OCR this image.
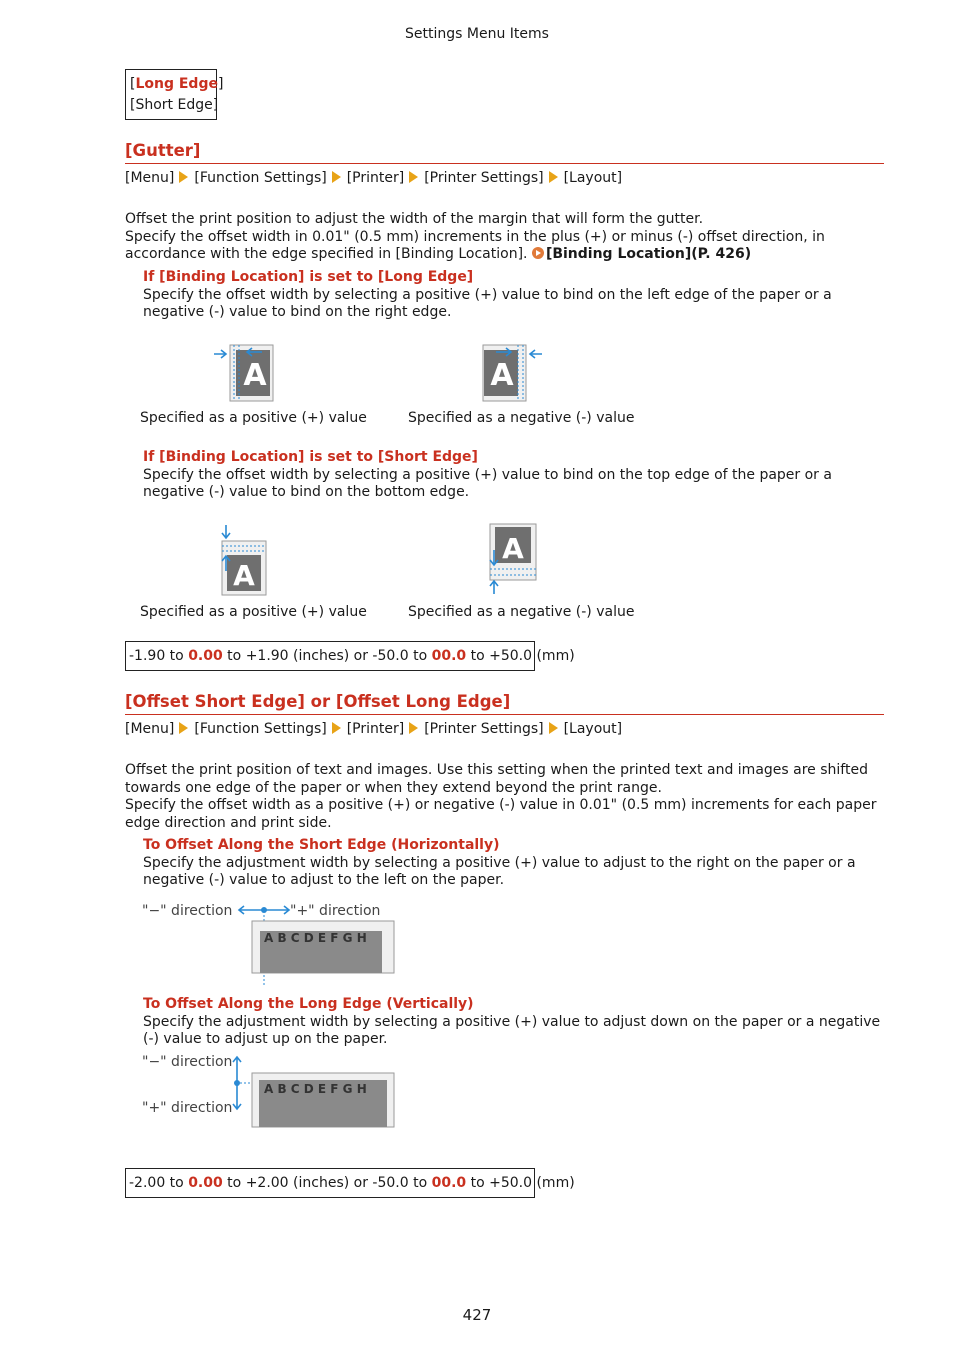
Settings Menu Items
[Long Edge]
[Short Edge]
[Gutter]
[Menu] [Function Settings] [Printer] [Printer Settings] [Layout]
Offset the print position to adjust the width of the margin that will form the gutter.
Specify the offset width in 0.01" (0.5 mm) increments in the plus (+) or minus (-) offset direction, in accordance with the edge specified in [Binding Location]. [Binding Location](P. 426)
If [Binding Location] is set to [Long Edge]
Specify the offset width by selecting a positive (+) value to bind on the left edge of the paper or a negative (-) value to bind on the right edge.
A	A
Specified as a positive (+) value	Specified as a negative (-) value
If [Binding Location] is set to [Short Edge]
Specify the offset width by selecting a positive (+) value to bind on the top edge of the paper or a negative (-) value to bind on the bottom edge.
A
A
Specified as a positive (+) value	Specified as a negative (-) value
-1.90 to 0.00 to +1.90 (inches) or -50.0 to 00.0 to +50.0 (mm)
[Offset Short Edge] or [Offset Long Edge]
[Menu] [Function Settings] [Printer] [Printer Settings] [Layout]
Offset the print position of text and images. Use this setting when the printed text and images are shifted towards one edge of the paper or when they extend beyond the print range.
Specify the offset width as a positive (+) or negative (-) value in 0.01" (0.5 mm) increments for each paper edge direction and print side.
To Offset Along the Short Edge (Horizontally)
Specify the adjustment width by selecting a positive (+) value to adjust to the right on the paper or a negative (-) value to adjust to the left on the paper.
"−" direction	"+" direction
A B C D E F G H
To Offset Along the Long Edge (Vertically)
Specify the adjustment width by selecting a positive (+) value to adjust down on the paper or a negative (-) value to adjust up on the paper.
"−" direction
"+" direction
A B C D E F G H
-2.00 to 0.00 to +2.00 (inches) or -50.0 to 00.0 to +50.0 (mm)
427
